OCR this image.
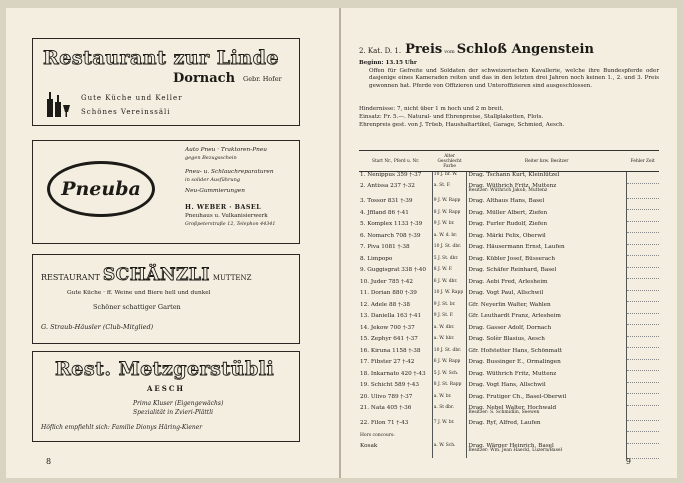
Restaurant zur Linde
Dornach Gebr. Hofer
Gute Küche und Keller
Schönes Vereinssäli
Auto Pneu · Traktoren-Pneu
gegen Bezugsschein
Pneuba
Pneu- u. Schlauchreparaturen
in solider Ausführung
Neu-Gummierungen
H. WEBER · BASEL
Pneuhaus u. Vulkanisierwerk
Großpeterstraße 12, Telephon 44341
RESTAURANT SCHÄNZLI MUTTENZ
Gute Küche · ff. Weine und Biere hell und dunkel
Schöner schattiger Garten
G. Straub-Häusler (Club-Mitglied)
Rest. Metzgerstübli
AESCH
Prima Kluser (Eigengewächs)
Spezialität in Zvieri-Plättli
Höflich empfiehlt sich: Familie Dionys Häring-Kiener
8
2. Kat. D. 1. Preis vom Schloß Angenstein
Beginn: 13.15 Uhr
Offen für Gefreite und Soldaten der schweizerischen Kavallerie, welche ihre Bundespferde oder dasjenige eines Kameraden reiten und das in den letzten drei Jahren noch keinen 1., 2. und 3. Preis gewonnen hat. Pferde von Offizieren und Unteroffizieren sind ausgeschlossen.
Hindernisse: 7, nicht über 1 m hoch und 2 m breit.
Einsatz: Fr. 5.—. Natural- und Ehrenpreise, Stallplaketten, Flots.
Ehrenpreis gest. von J. Trüeb, Haushaltartikel, Garage, Schmied, Aesch.
Start Nr., Pferd u. Nr.	Alter Geschlecht Farbe	Reiter bzw. Besitzer	Fehler Zeit
1. Nenippus 359 †-37	10 J. br. W.	Drag. Tschann Kurt, Kleinlützel	
2. Antissa 237 †-32	a. St. F.	Drag. Wüthrich Fritz, Muttenz
Besitzer: Wüthrich Jakob, Muttenz	

3. Tossor 831 †-39	9 J. W. Rapp	Drag. Althaus Hans, Basel	
4. Jffland 86 †-41	8 J. W. Rapp	Drag. Müller Albert, Ziefen	
5. Komplex 1133 †-39	9 J. W. br.	Drag. Furler Rudolf, Ziefen	
6. Nomarch 708 †-39	a. W. d. br.	Drag. Märki Felix, Oberwil	
7. Piva 1081 †-38	10 J. St. dbr.	Drag. Häusermann Ernst, Laufen	
8. Limpopo	5 J. St. dbr.	Drag. Kübler Josef, Büsserach	
9. Guggisgrat 338 †-40	8 J. W. F.	Drag. Schäfer Reinhard, Basel	
10. Juder 785 †-42	6 J. W. dbr.	Drag. Aebi Fred, Arlesheim	
11. Dorian 880 †-39	10 J. W. Rapp	Drag. Vogt Paul, Allschwil	
12. Adele 88 †-38	9 J. St. br.	Gfr. Neyerlin Walter, Wahlen	
13. Daniella 163 †-41	9 J. St. F.	Gfr. Leuthardt Franz, Arlesheim	
14. Jekow 700 †-37	a. W. dbr.	Drag. Gasser Adolf, Dornach	
15. Zephyr 641 †-37	a. W. hbr.	Drag. Solèr Blasius, Aesch	
16. Kiruna 1158 †-38	10 J. St. dbr.	Gfr. Hofstetter Hans, Schönmatt	
17. Fibster 27 †-42	6 J. W. Rapp	Drag. Bussinger E., Ormalingen	
18. Inkarnato 420 †-43	5 J. W. Sch.	Drag. Wüthrich Fritz, Muttenz	
19. Schicht 589 †-43	8 J. St. Rapp	Drag. Vogt Hans, Allschwil	
20. Ulivo 789 †-37	a. W. br.	Drag. Frutiger Ch., Basel-Oberwil	
21. Nata 405 †-36	a. St dbr.	Drag. Nebel Walter, Hochwald
Besitzer: S. Schmidlin, Seewen	

22. Filon 71 †-43	7 J. W. br.	Drag. Ryf, Alfred, Laufen	
Hors concours:			
Kosak	a. W. Sch.	Drag. Wärger Heinrich, Basel
Besitzer: Wm. Jean Haeckl, Luzern/Basel	

9
